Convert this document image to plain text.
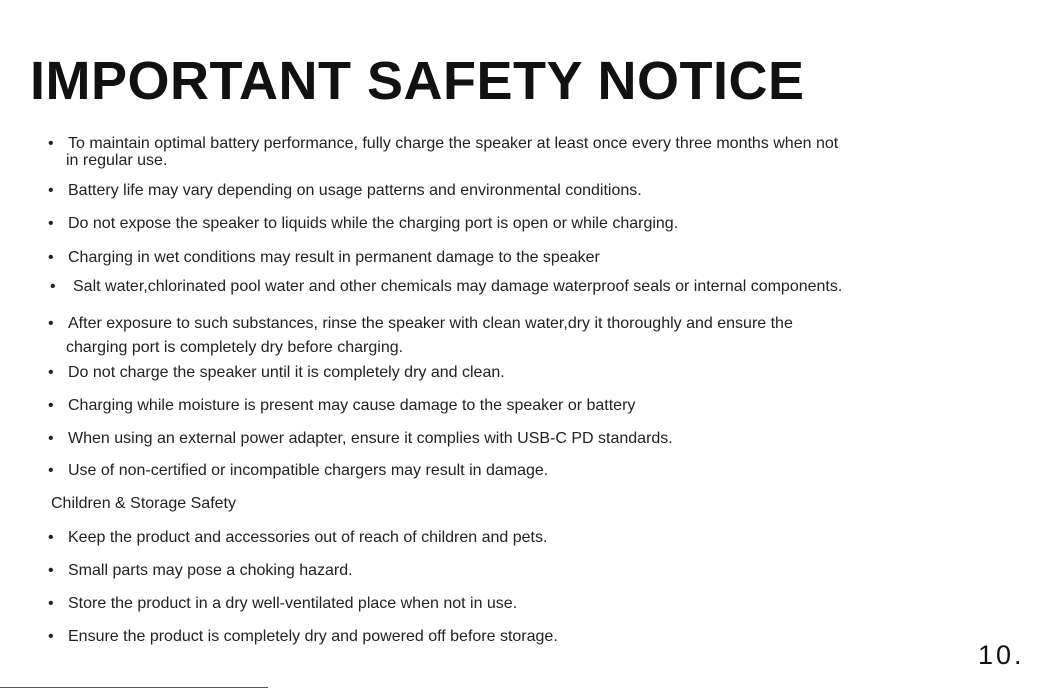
IMPORTANT SAFETY NOTICE
• To maintain optimal battery performance, fully charge the speaker at least once every three months when not
in regular use.
• Battery life may vary depending on usage patterns and environmental conditions.
• Do not expose the speaker to liquids while the charging port is open or while charging.
• Charging in wet conditions may result in permanent damage to the speaker
• Salt water,chlorinated pool water and other chemicals may damage waterproof seals or internal components.
• After exposure to such substances, rinse the speaker with clean water,dry it thoroughly and ensure the
charging port is completely dry before charging.
• Do not charge the speaker until it is completely dry and clean.
• Charging while moisture is present may cause damage to the speaker or battery
• When using an external power adapter, ensure it complies with USB-C PD standards.
• Use of non-certified or incompatible chargers may result in damage.
Children & Storage Safety
• Keep the product and accessories out of reach of children and pets.
• Small parts may pose a choking hazard.
• Store the product in a dry well-ventilated place when not in use.
• Ensure the product is completely dry and powered off before storage.
10.
